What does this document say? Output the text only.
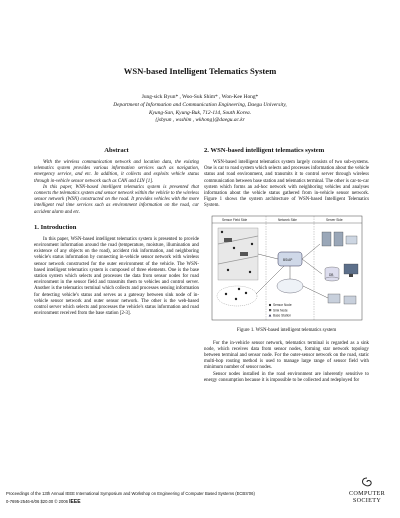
WSN-based Intelligent Telematics System
Jung-sick Byun* , Woo-Suk Shim* , Won-Kee Hong*
Department of Information and Communication Engineering, Daegu University,
Kyung-San, Kyung-Buk, 712-114, South Korea.
{jsbyun , wsshim , wkhong}@daegu.ac.kr
Abstract

With the wireless communication network and location data, the existing telematics system provides various information services such as navigation, emergency service, and etc. In addition, it collects and exploits vehicle status through in-vehicle sensor network such as CAN and LIN [1].

In this paper, WSN-based intelligent telematics system is presented that connects the telematics system and sensor network within the vehicle to the wireless sensor network (WSN) constructed on the road. It provides vehicles with the more intelligent real time services such as environment information on the road, car accident alarm and etc.

1. Introduction

In this paper, WSN-based intelligent telematics system is presented to provide environment information around the road (temperature, moisture, illumination and existence of any objects on the road), accident risk information, and neighboring vehicle's status information by connecting in-vehicle sensor network with wireless sensor network constructed for the outer environment of the vehicle. The WSN-based intelligent telematics system is composed of three elements. One is the base station system which selects and processes the data from sensor nodes for road environment in the sensor field and transmits them to vehicles and control server. Another is the telematics terminal which collects and processes sensing information for detecting vehicle's status and serves as a gateway between sink node of in-vehicle sensor network and outer sensor network. The other is the web-based control server which selects and processes the vehicle's status information and road environment received from the base station [2-3].

2. WSN-based intelligent telematics system

WSN-based intelligent telematics system largely consists of two sub-systems. One is car to road system which selects and processes information about the vehicle status and road environment, and transmits it to control server through wireless communication between base station and telematics terminal. The other is car-to-car system which forms an ad-hoc network with neighboring vehicles and analyses information about the vehicle status gathered from in-vehicle sensor network. Figure 1 shows the system architecture of WSN-based Intelligent Telematics System.

Sensor Field Side	Network Side	Server Side
BS/AP
DB
Sensor Node
Sink Node
Base Station
Figure 1. WSN-based intelligent telematics system

For the in-vehicle sensor network, telematics terminal is regarded as a sink node, which receives data from sensor nodes, forming star network topology between terminal and sensor node. For the outer-sensor network on the road, static multi-hop routing method is used to manage large range of sensor field with minimum number of sensor nodes.

Sensor nodes installed in the road environment are inherently sensitive to energy consumption because it is impossible to be collected and redeployed for

Proceedings of the 13th Annual IEEE International Symposium and Workshop on Engineering of Computer Based Systems (ECBS'06)
0-7695-2546-6/06 $20.00 © 2006 IEEE
COMPUTER
SOCIETY
